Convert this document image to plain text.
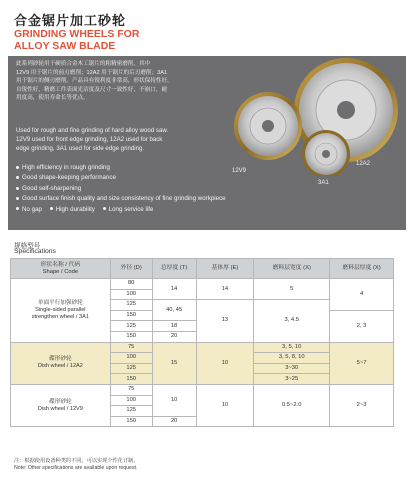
合金锯片加工砂轮
GRINDING WHEELS FOR
ALLOY SAW BLADE
此系列砂轮用于硬质合金木工锯片的粗精密磨削，其中
12V9 用于锯片的前刃磨削；12A2 用于锯片的后刃磨削；3A1
用于锯片的侧刃磨削。产品具有锐利度非常高，形状保持性好，
自锐性好，精磨工件表面光洁度及尺寸一致性好，不崩口，耐
用度高，使用寿命长等优点。
12V9
12A2
3A1
Used for rough and fine grinding of hard alloy wood saw.
12V9 used for front edge grinding, 12A2 used for back
edge grinding, 3A1 used for side edge grinding.
High efficiency in rough grinding
Good shape-keeping performance
Good self-sharpening
Good surface finish quality and size consistency of fine grinding workpiece
No gap High durability Long service life
规格型号
Specifications
形状名称 / 代码
Shape / Code	外径 (D)	总厚度 (T)	基体厚 (E)	磨料层宽度 (X)	磨料层厚度 (X)

单面平行加强砂轮
Single-sided parallel
strengthen wheel / 3A1	80	14	14	5	4
	100				
	125	40, 45	13	3, 4.5	
	150				2, 3
	125	18			
	150	20			

碟形砂轮
Dish wheel / 12A2	75	15	10	3, 5, 10	5~7
	100			3, 5, 8, 10	
	125			3~30	
	150			3~25	

碟形砂轮
Dish wheel / 12V9	75	10	10	0.5~2.0	2~3
	100				
	125				
	150	20			
注：根据使用设备种类的不同，可以实现个性化订制。
Note: Other specifications are available upon request.
